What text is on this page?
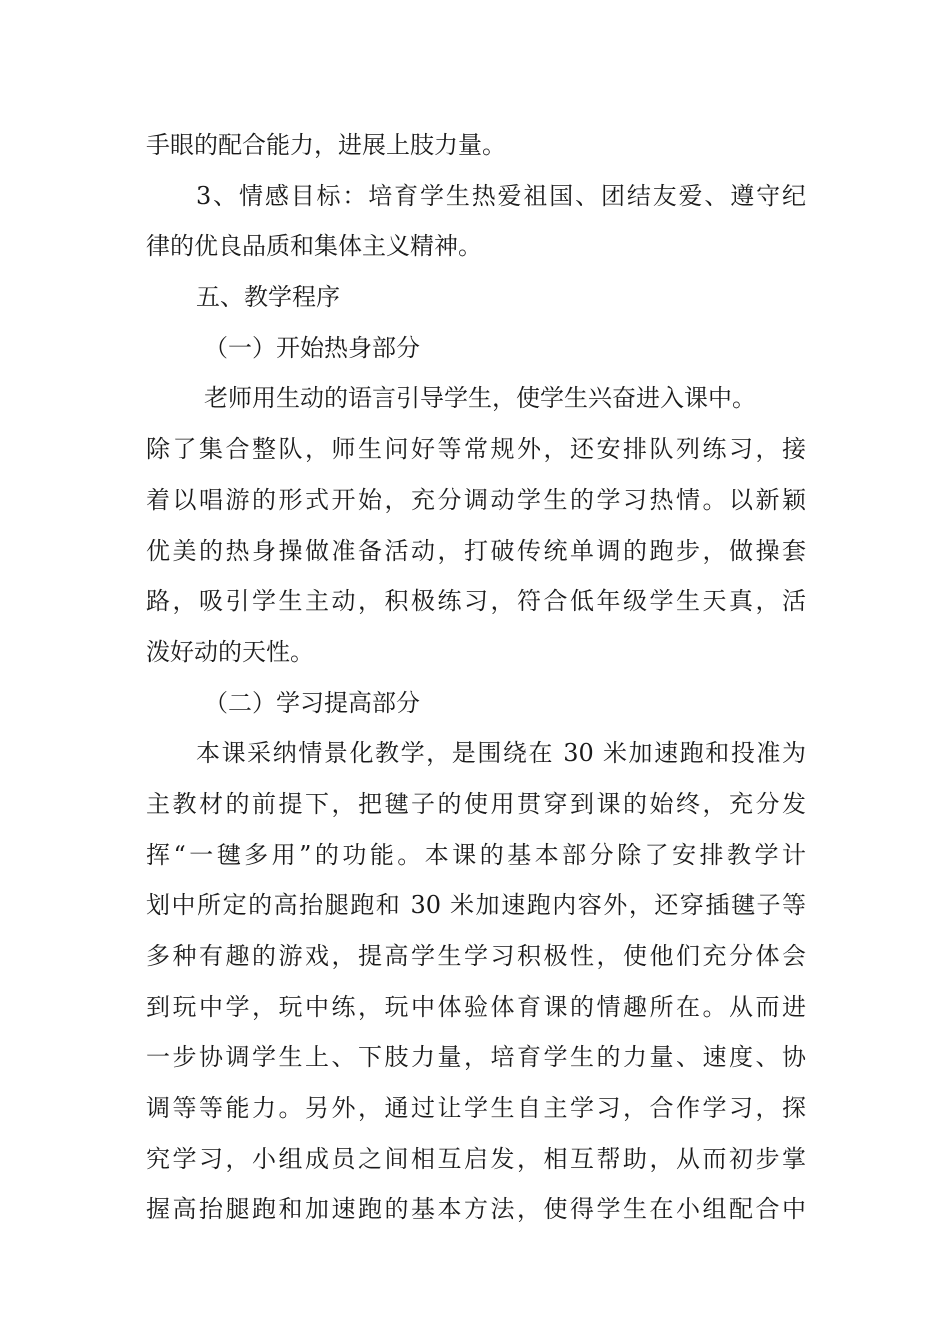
手眼的配合能力，进展上肢力量。
3、情感目标：培育学生热爱祖国、团结友爱、遵守纪
律的优良品质和集体主义精神。
五、教学程序
（一）开始热身部分
老师用生动的语言引导学生，使学生兴奋进入课中。
除了集合整队，师生问好等常规外，还安排队列练习，接
着以唱游的形式开始，充分调动学生的学习热情。以新颖
优美的热身操做准备活动，打破传统单调的跑步，做操套
路，吸引学生主动，积极练习，符合低年级学生天真，活
泼好动的天性。
（二）学习提高部分
本课采纳情景化教学，是围绕在 30 米加速跑和投准为
主教材的前提下，把毽子的使用贯穿到课的始终，充分发
挥“一毽多用”的功能。本课的基本部分除了安排教学计
划中所定的高抬腿跑和 30 米加速跑内容外，还穿插毽子等
多种有趣的游戏，提高学生学习积极性，使他们充分体会
到玩中学，玩中练，玩中体验体育课的情趣所在。从而进
一步协调学生上、下肢力量，培育学生的力量、速度、协
调等等能力。另外，通过让学生自主学习，合作学习，探
究学习，小组成员之间相互启发，相互帮助，从而初步掌
握高抬腿跑和加速跑的基本方法，使得学生在小组配合中
